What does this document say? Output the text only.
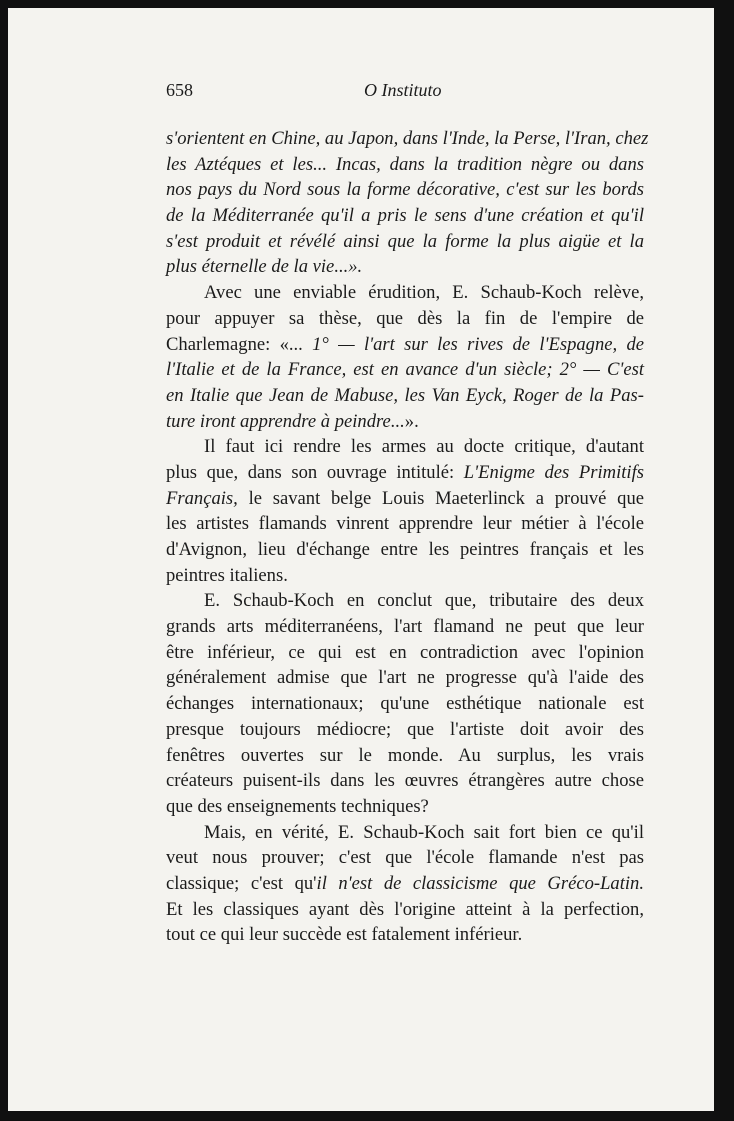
658	O Instituto
s'orientent en Chine, au Japon, dans l'Inde, la Perse, l'Iran, chez
les Aztéques et les... Incas, dans la tradition nègre ou dans
nos pays du Nord sous la forme décorative, c'est sur les bords
de la Méditerranée qu'il a pris le sens d'une création et qu'il
s'est produit et révélé ainsi que la forme la plus aigüe et la
plus éternelle de la vie...».
Avec une enviable érudition, E. Schaub-Koch relève,
pour appuyer sa thèse, que dès la fin de l'empire de
Charlemagne: «... 1° — l'art sur les rives de l'Espagne, de
l'Italie et de la France, est en avance d'un siècle; 2° — C'est
en Italie que Jean de Mabuse, les Van Eyck, Roger de la Pas-
ture iront apprendre à peindre...».
Il faut ici rendre les armes au docte critique, d'autant
plus que, dans son ouvrage intitulé: L'Enigme des Primitifs
Français, le savant belge Louis Maeterlinck a prouvé que
les artistes flamands vinrent apprendre leur métier à l'école
d'Avignon, lieu d'échange entre les peintres français et les
peintres italiens.
E. Schaub-Koch en conclut que, tributaire des deux
grands arts méditerranéens, l'art flamand ne peut que leur
être inférieur, ce qui est en contradiction avec l'opinion
généralement admise que l'art ne progresse qu'à l'aide des
échanges internationaux; qu'une esthétique nationale est
presque toujours médiocre; que l'artiste doit avoir des
fenêtres ouvertes sur le monde. Au surplus, les vrais
créateurs puisent-ils dans les œuvres étrangères autre chose
que des enseignements techniques?
Mais, en vérité, E. Schaub-Koch sait fort bien ce qu'il
veut nous prouver; c'est que l'école flamande n'est pas
classique; c'est qu'il n'est de classicisme que Gréco-Latin.
Et les classiques ayant dès l'origine atteint à la perfection,
tout ce qui leur succède est fatalement inférieur.
